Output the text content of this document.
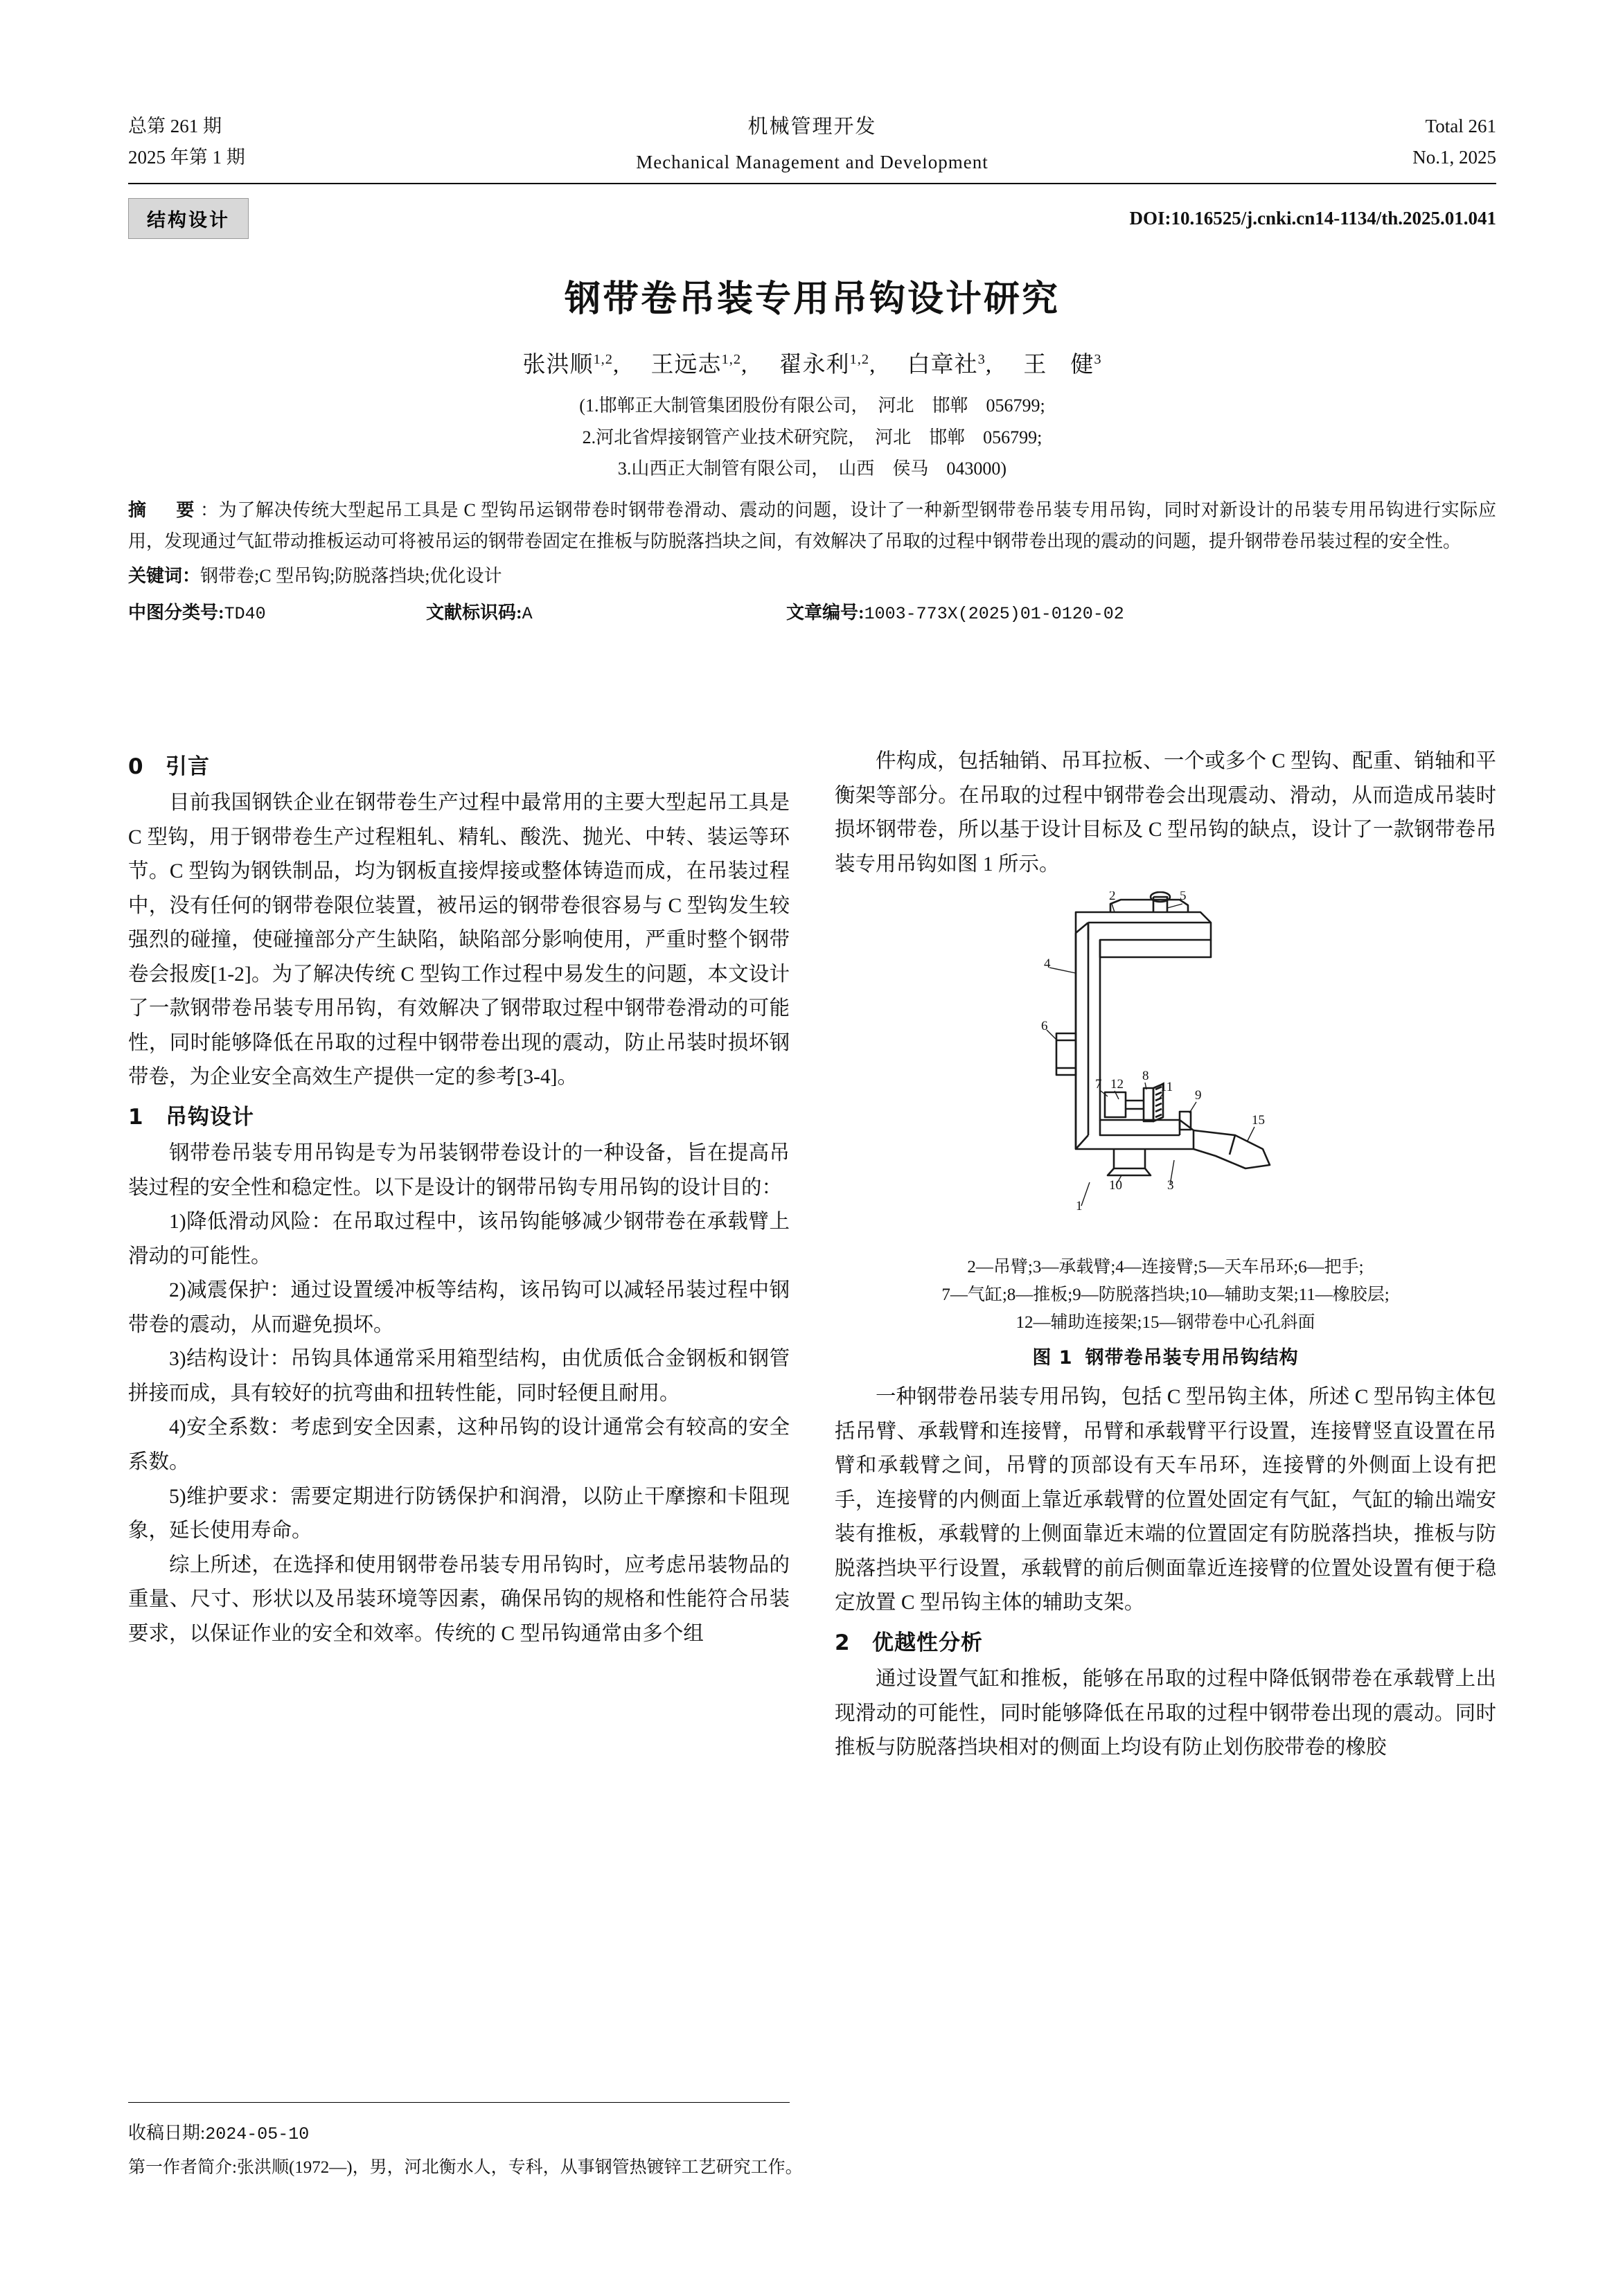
总第 261 期
2025 年第 1 期
机械管理开发
Mechanical Management and Development
Total 261
No.1, 2025
结构设计	DOI:10.16525/j.cnki.cn14-1134/th.2025.01.041
钢带卷吊装专用吊钩设计研究
张洪顺$^{1,2}$, 王远志$^{1,2}$, 翟永利$^{1,2}$, 白章社$^3$, 王　健$^3$
(1.邯郸正大制管集团股份有限公司，　河北　邯郸　056799;
2.河北省焊接钢管产业技术研究院，　河北　邯郸　056799;
3.山西正大制管有限公司，　山西　侯马　043000)

摘　要：为了解决传统大型起吊工具是 C 型钩吊运钢带卷时钢带卷滑动、震动的问题，设计了一种新型钢带卷吊装专用吊钩，同时对新设计的吊装专用吊钩进行实际应用，发现通过气缸带动推板运动可将被吊运的钢带卷固定在推板与防脱落挡块之间，有效解决了吊取的过程中钢带卷出现的震动的问题，提升钢带卷吊装过程的安全性。

关键词：钢带卷;C 型吊钩;防脱落挡块;优化设计
中图分类号:TD40	文献标识码:A	文章编号:1003-773X(2025)01-0120-02
0 引言

目前我国钢铁企业在钢带卷生产过程中最常用的主要大型起吊工具是 C 型钩，用于钢带卷生产过程粗轧、精轧、酸洗、抛光、中转、装运等环节。C 型钩为钢铁制品，均为钢板直接焊接或整体铸造而成，在吊装过程中，没有任何的钢带卷限位装置，被吊运的钢带卷很容易与 C 型钩发生较强烈的碰撞，使碰撞部分产生缺陷，缺陷部分影响使用，严重时整个钢带卷会报废[1-2]。为了解决传统 C 型钩工作过程中易发生的问题，本文设计了一款钢带卷吊装专用吊钩，有效解决了钢带取过程中钢带卷滑动的可能性，同时能够降低在吊取的过程中钢带卷出现的震动，防止吊装时损坏钢带卷，为企业安全高效生产提供一定的参考[3-4]。

1 吊钩设计

钢带卷吊装专用吊钩是专为吊装钢带卷设计的一种设备，旨在提高吊装过程的安全性和稳定性。以下是设计的钢带吊钩专用吊钩的设计目的：

1)降低滑动风险：在吊取过程中，该吊钩能够减少钢带卷在承载臂上滑动的可能性。

2)减震保护：通过设置缓冲板等结构，该吊钩可以减轻吊装过程中钢带卷的震动，从而避免损坏。

3)结构设计：吊钩具体通常采用箱型结构，由优质低合金钢板和钢管拼接而成，具有较好的抗弯曲和扭转性能，同时轻便且耐用。

4)安全系数：考虑到安全因素，这种吊钩的设计通常会有较高的安全系数。

5)维护要求：需要定期进行防锈保护和润滑，以防止干摩擦和卡阻现象，延长使用寿命。

综上所述，在选择和使用钢带卷吊装专用吊钩时，应考虑吊装物品的重量、尺寸、形状以及吊装环境等因素，确保吊钩的规格和性能符合吊装要求，以保证作业的安全和效率。传统的 C 型吊钩通常由多个组

件构成，包括轴销、吊耳拉板、一个或多个 C 型钩、配重、销轴和平衡架等部分。在吊取的过程中钢带卷会出现震动、滑动，从而造成吊装时损坏钢带卷，所以基于设计目标及 C 型吊钩的缺点，设计了一款钢带卷吊装专用吊钩如图 1 所示。

2	5
4
6
7 12
8
11
9
15
10	3
1
2—吊臂;3—承载臂;4—连接臂;5—天车吊环;6—把手;
7—气缸;8—推板;9—防脱落挡块;10—辅助支架;11—橡胶层;
12—辅助连接架;15—钢带卷中心孔斜面
图 1 钢带卷吊装专用吊钩结构

一种钢带卷吊装专用吊钩，包括 C 型吊钩主体，所述 C 型吊钩主体包括吊臂、承载臂和连接臂，吊臂和承载臂平行设置，连接臂竖直设置在吊臂和承载臂之间，吊臂的顶部设有天车吊环，连接臂的外侧面上设有把手，连接臂的内侧面上靠近承载臂的位置处固定有气缸，气缸的输出端安装有推板，承载臂的上侧面靠近末端的位置固定有防脱落挡块，推板与防脱落挡块平行设置，承载臂的前后侧面靠近连接臂的位置处设置有便于稳定放置 C 型吊钩主体的辅助支架。

2 优越性分析

通过设置气缸和推板，能够在吊取的过程中降低钢带卷在承载臂上出现滑动的可能性，同时能够降低在吊取的过程中钢带卷出现的震动。同时推板与防脱落挡块相对的侧面上均设有防止划伤胶带卷的橡胶

收稿日期:2024-05-10
第一作者简介:张洪顺(1972—)，男，河北衡水人，专科，从事钢管热镀锌工艺研究工作。
